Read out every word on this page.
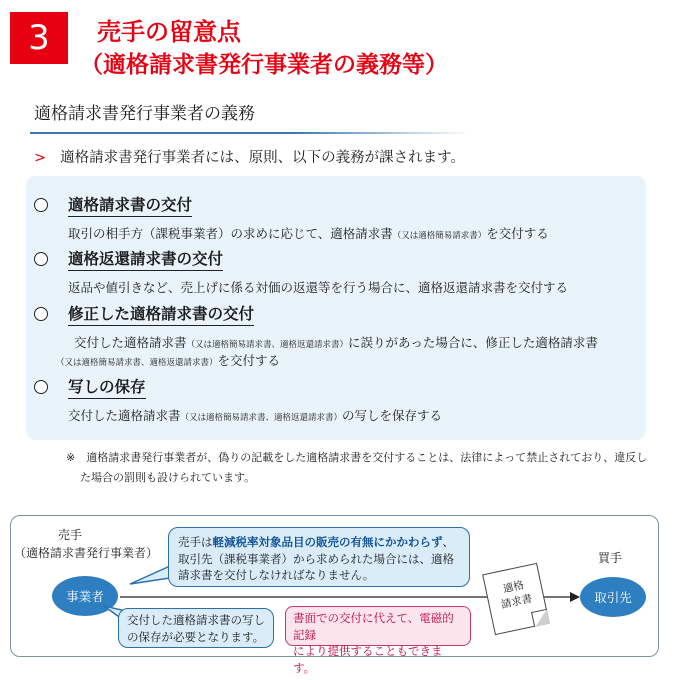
3 売手の留意点
（適格請求書発行事業者の義務等）
適格請求書発行事業者の義務
> 適格請求書発行事業者には、原則、以下の義務が課されます。
適格請求書の交付
取引の相手方（課税事業者）の求めに応じて、適格請求書（又は適格簡易請求書）を交付する
適格返還請求書の交付
返品や値引きなど、売上げに係る対価の返還等を行う場合に、適格返還請求書を交付する
修正した適格請求書の交付
交付した適格請求書（又は適格簡易請求書、適格返還請求書）に誤りがあった場合に、修正した適格請求書
（又は適格簡易請求書、適格返還請求書）を交付する
写しの保存
交付した適格請求書（又は適格簡易請求書、適格返還請求書）の写しを保存する
※　適格請求書発行事業者が、偽りの記載をした適格請求書を交付することは、法律によって禁止されており、違反し
た場合の罰則も設けられています。
売手
（適格請求書発行事業者）
事業者
買手
取引先
売手は軽減税率対象品目の販売の有無にかかわらず、
取引先（課税事業者）から求められた場合には、適格
請求書を交付しなければなりません。
交付した適格請求書の写し
の保存が必要となります。
書面での交付に代えて、電磁的記録
により提供することもできます。
適格
請求書
